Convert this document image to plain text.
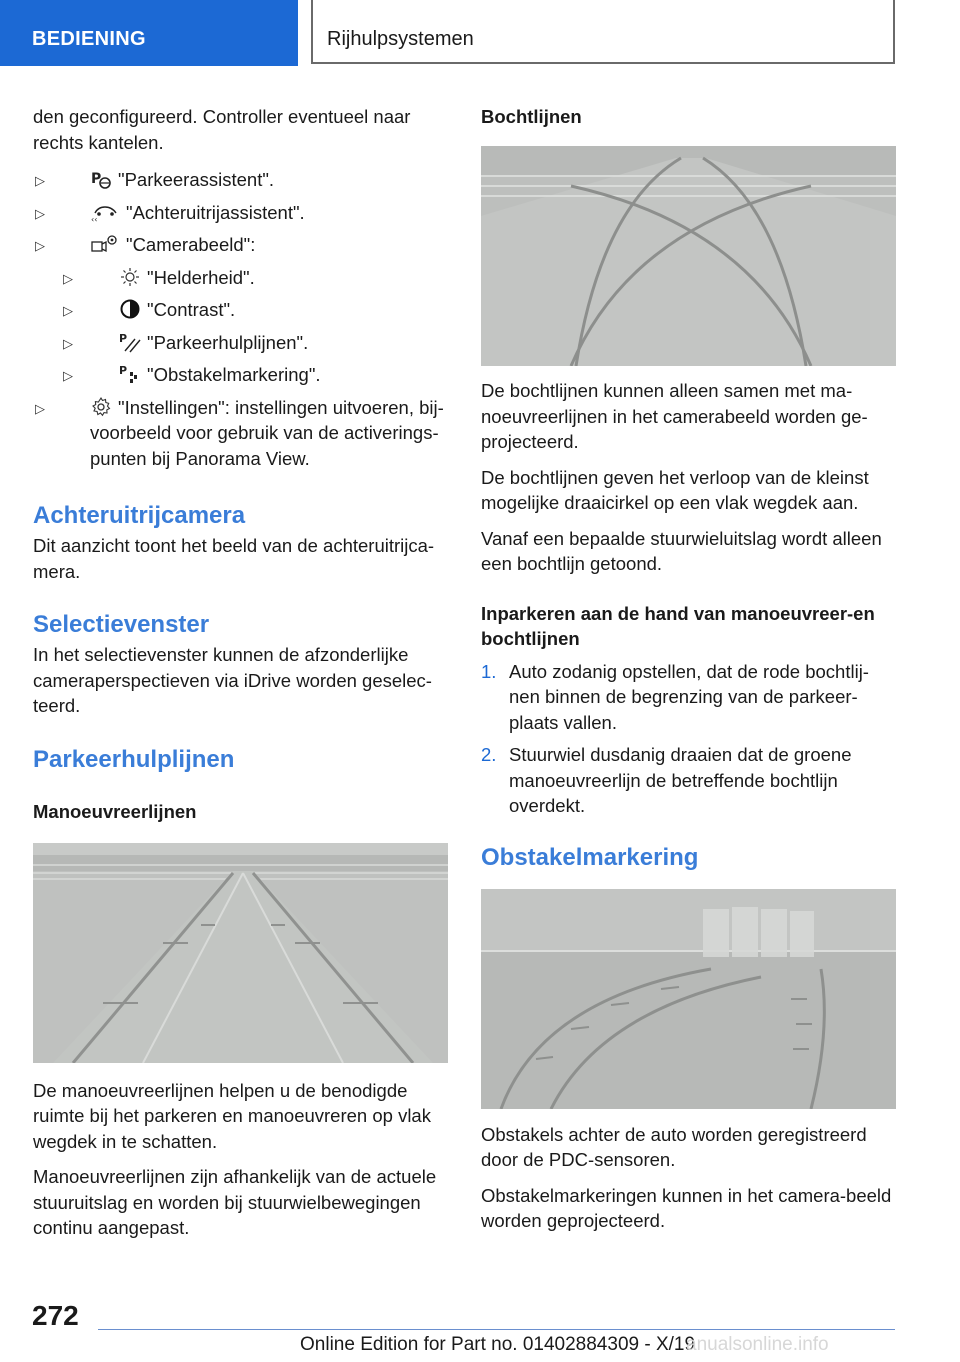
BEDIENING	Rijhulpsystemen

den geconfigureerd. Controller eventueel naar rechts kantelen.

▷	P "Parkeerassistent".
▷	‹‹ "Achteruitrijassistent".
▷	"Camerabeeld":
▷	"Helderheid".
▷	"Contrast".
▷	P "Parkeerhulplijnen".
▷	P "Obstakelmarkering".
▷	"Instellingen": instellingen uitvoeren, bij-voorbeeld voor gebruik van de activerings-punten bij Panorama View.
Achteruitrijcamera

Dit aanzicht toont het beeld van de achteruitrijca-mera.

Selectievenster

In het selectievenster kunnen de afzonderlijke cameraperspectieven via iDrive worden geselec-teerd.

Parkeerhulplijnen
Manoeuvreerlijnen

De manoeuvreerlijnen helpen u de benodigde ruimte bij het parkeren en manoeuvreren op vlak wegdek in te schatten.

Manoeuvreerlijnen zijn afhankelijk van de actuele stuuruitslag en worden bij stuurwielbewegingen continu aangepast.

Bochtlijnen

De bochtlijnen kunnen alleen samen met ma-noeuvreerlijnen in het camerabeeld worden ge-projecteerd.

De bochtlijnen geven het verloop van de kleinst mogelijke draaicirkel op een vlak wegdek aan.

Vanaf een bepaalde stuurwieluitslag wordt alleen een bochtlijn getoond.

Inparkeren aan de hand van manoeuvreer-en bochtlijnen
1. Auto zodanig opstellen, dat de rode bochtlij-nen binnen de begrenzing van de parkeer-plaats vallen.
2. Stuurwiel dusdanig draaien dat de groene manoeuvreerlijn de betreffende bochtlijn overdekt.
Obstakelmarkering

Obstakels achter de auto worden geregistreerd door de PDC-sensoren.

Obstakelmarkeringen kunnen in het camera-beeld worden geprojecteerd.

272
Online Edition for Part no. 01402884309 - X/19
anualsonline.info
